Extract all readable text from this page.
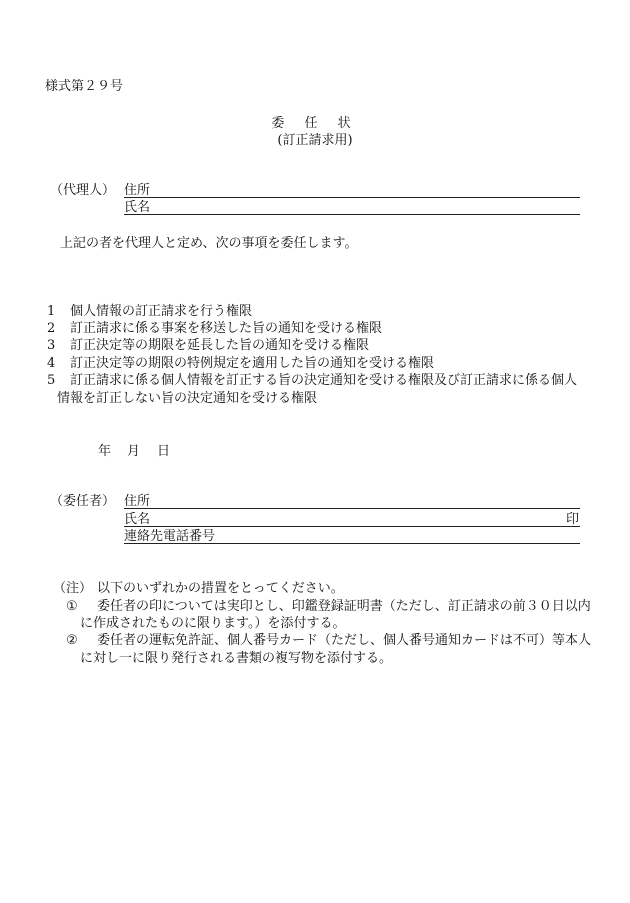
様式第２９号
委 任 状
(訂正請求用)
（代理人） 住所
氏名
上記の者を代理人と定め、次の事項を委任します。
1 個人情報の訂正請求を行う権限
2 訂正請求に係る事案を移送した旨の通知を受ける権限
3 訂正決定等の期限を延長した旨の通知を受ける権限
4 訂正決定等の期限の特例規定を適用した旨の通知を受ける権限
5 訂正請求に係る個人情報を訂正する旨の決定通知を受ける権限及び訂正請求に係る個人
情報を訂正しない旨の決定通知を受ける権限
年 月 日
（委任者） 住所
氏名	印
連絡先電話番号
（注） 以下のいずれかの措置をとってください。
① 委任者の印については実印とし、印鑑登録証明書（ただし、訂正請求の前３０日以内
に作成されたものに限ります。）を添付する。
② 委任者の運転免許証、個人番号カード（ただし、個人番号通知カードは不可）等本人
に対し一に限り発行される書類の複写物を添付する。
